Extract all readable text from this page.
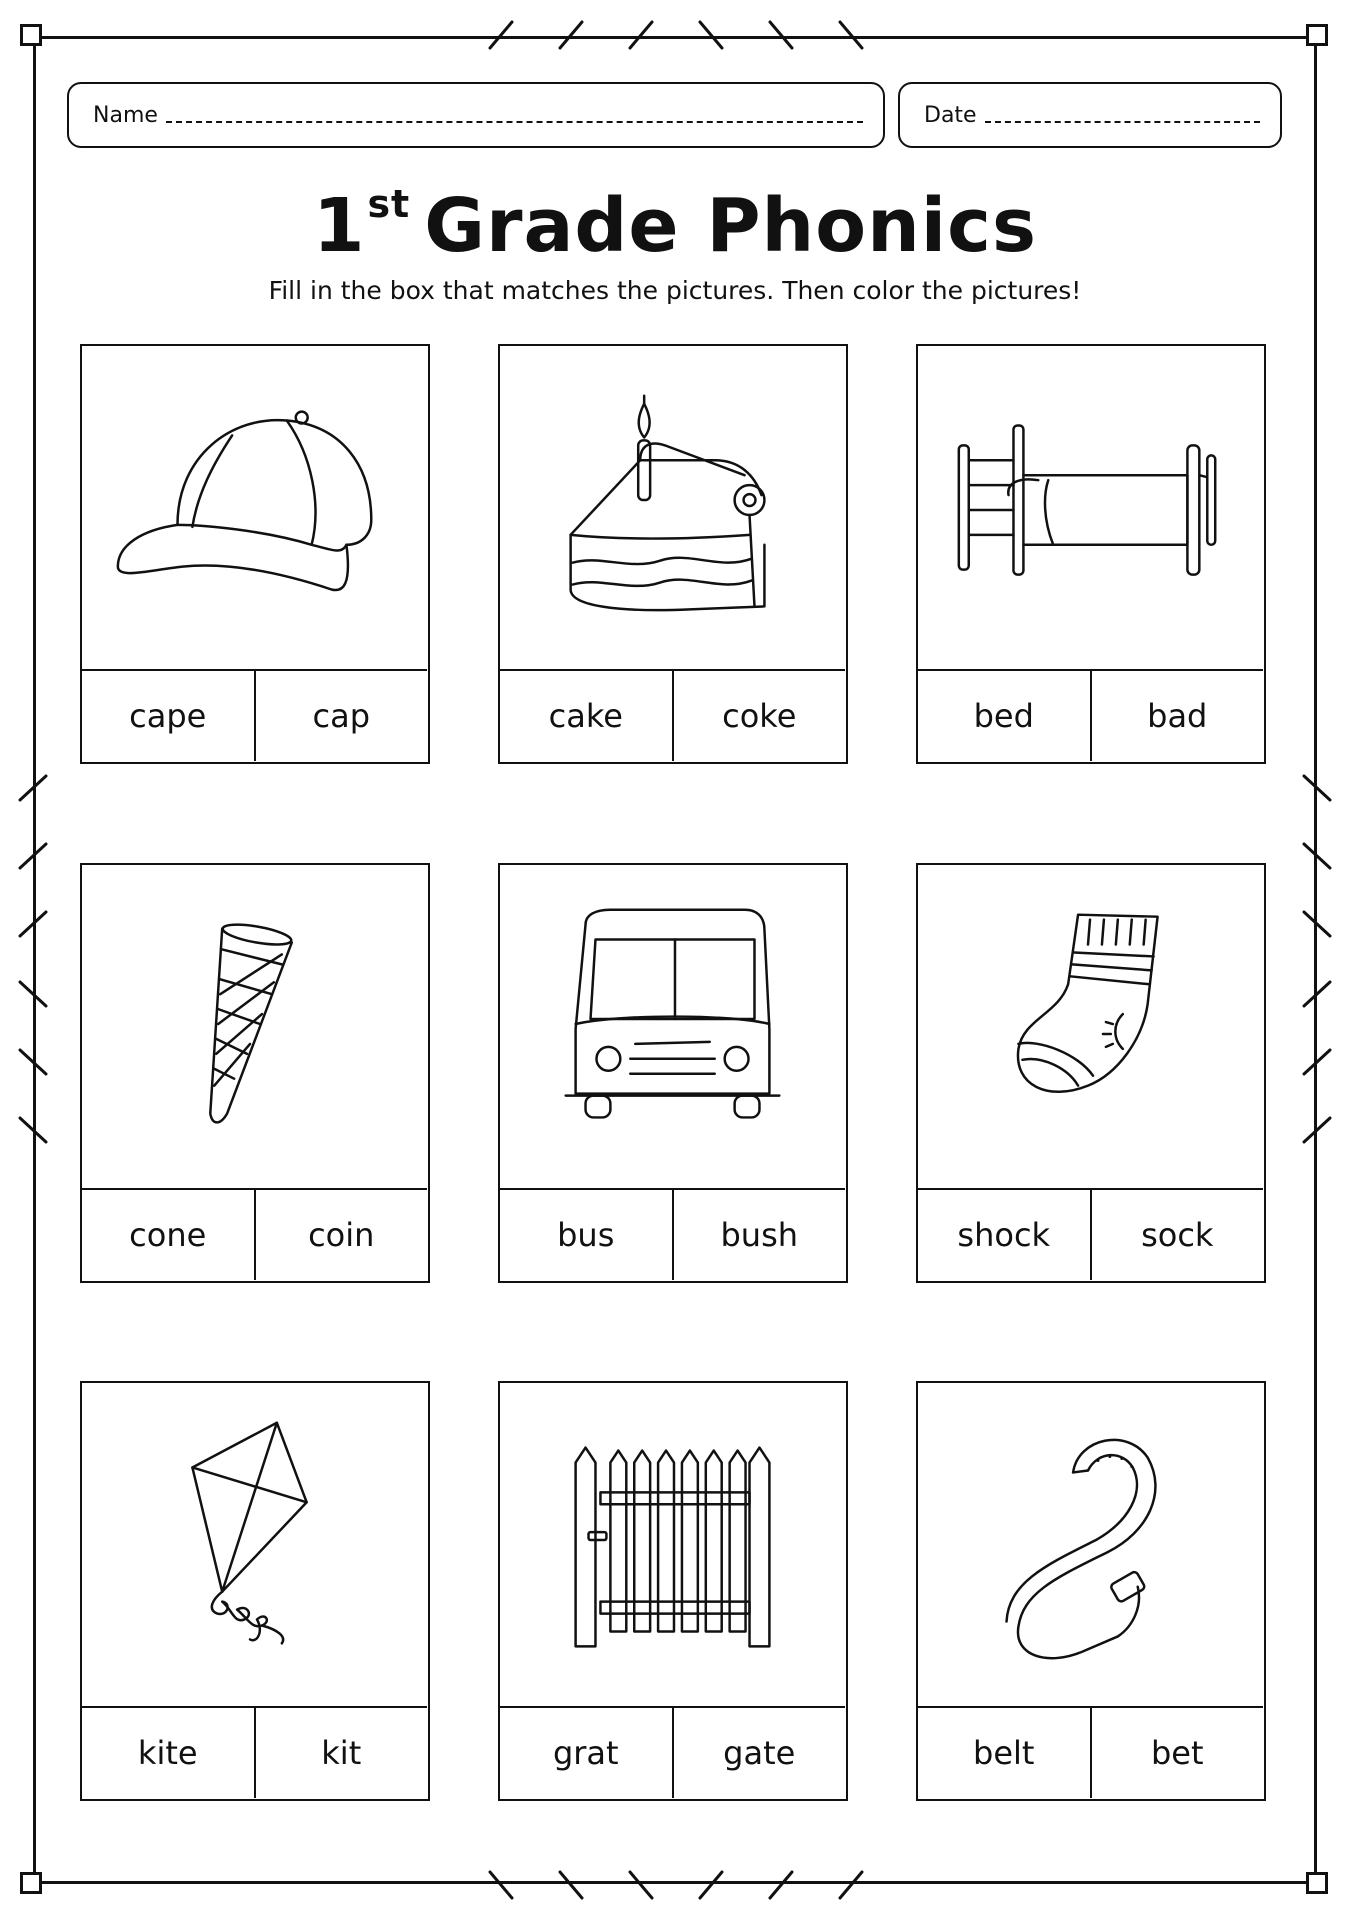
Name	Date
1st Grade Phonics
Fill in the box that matches the pictures. Then color the pictures!
cape	cap	cake	coke	bed	bad
cone	coin	bus	bush	shock	sock
kite	kit	grat	gate	belt	bet
